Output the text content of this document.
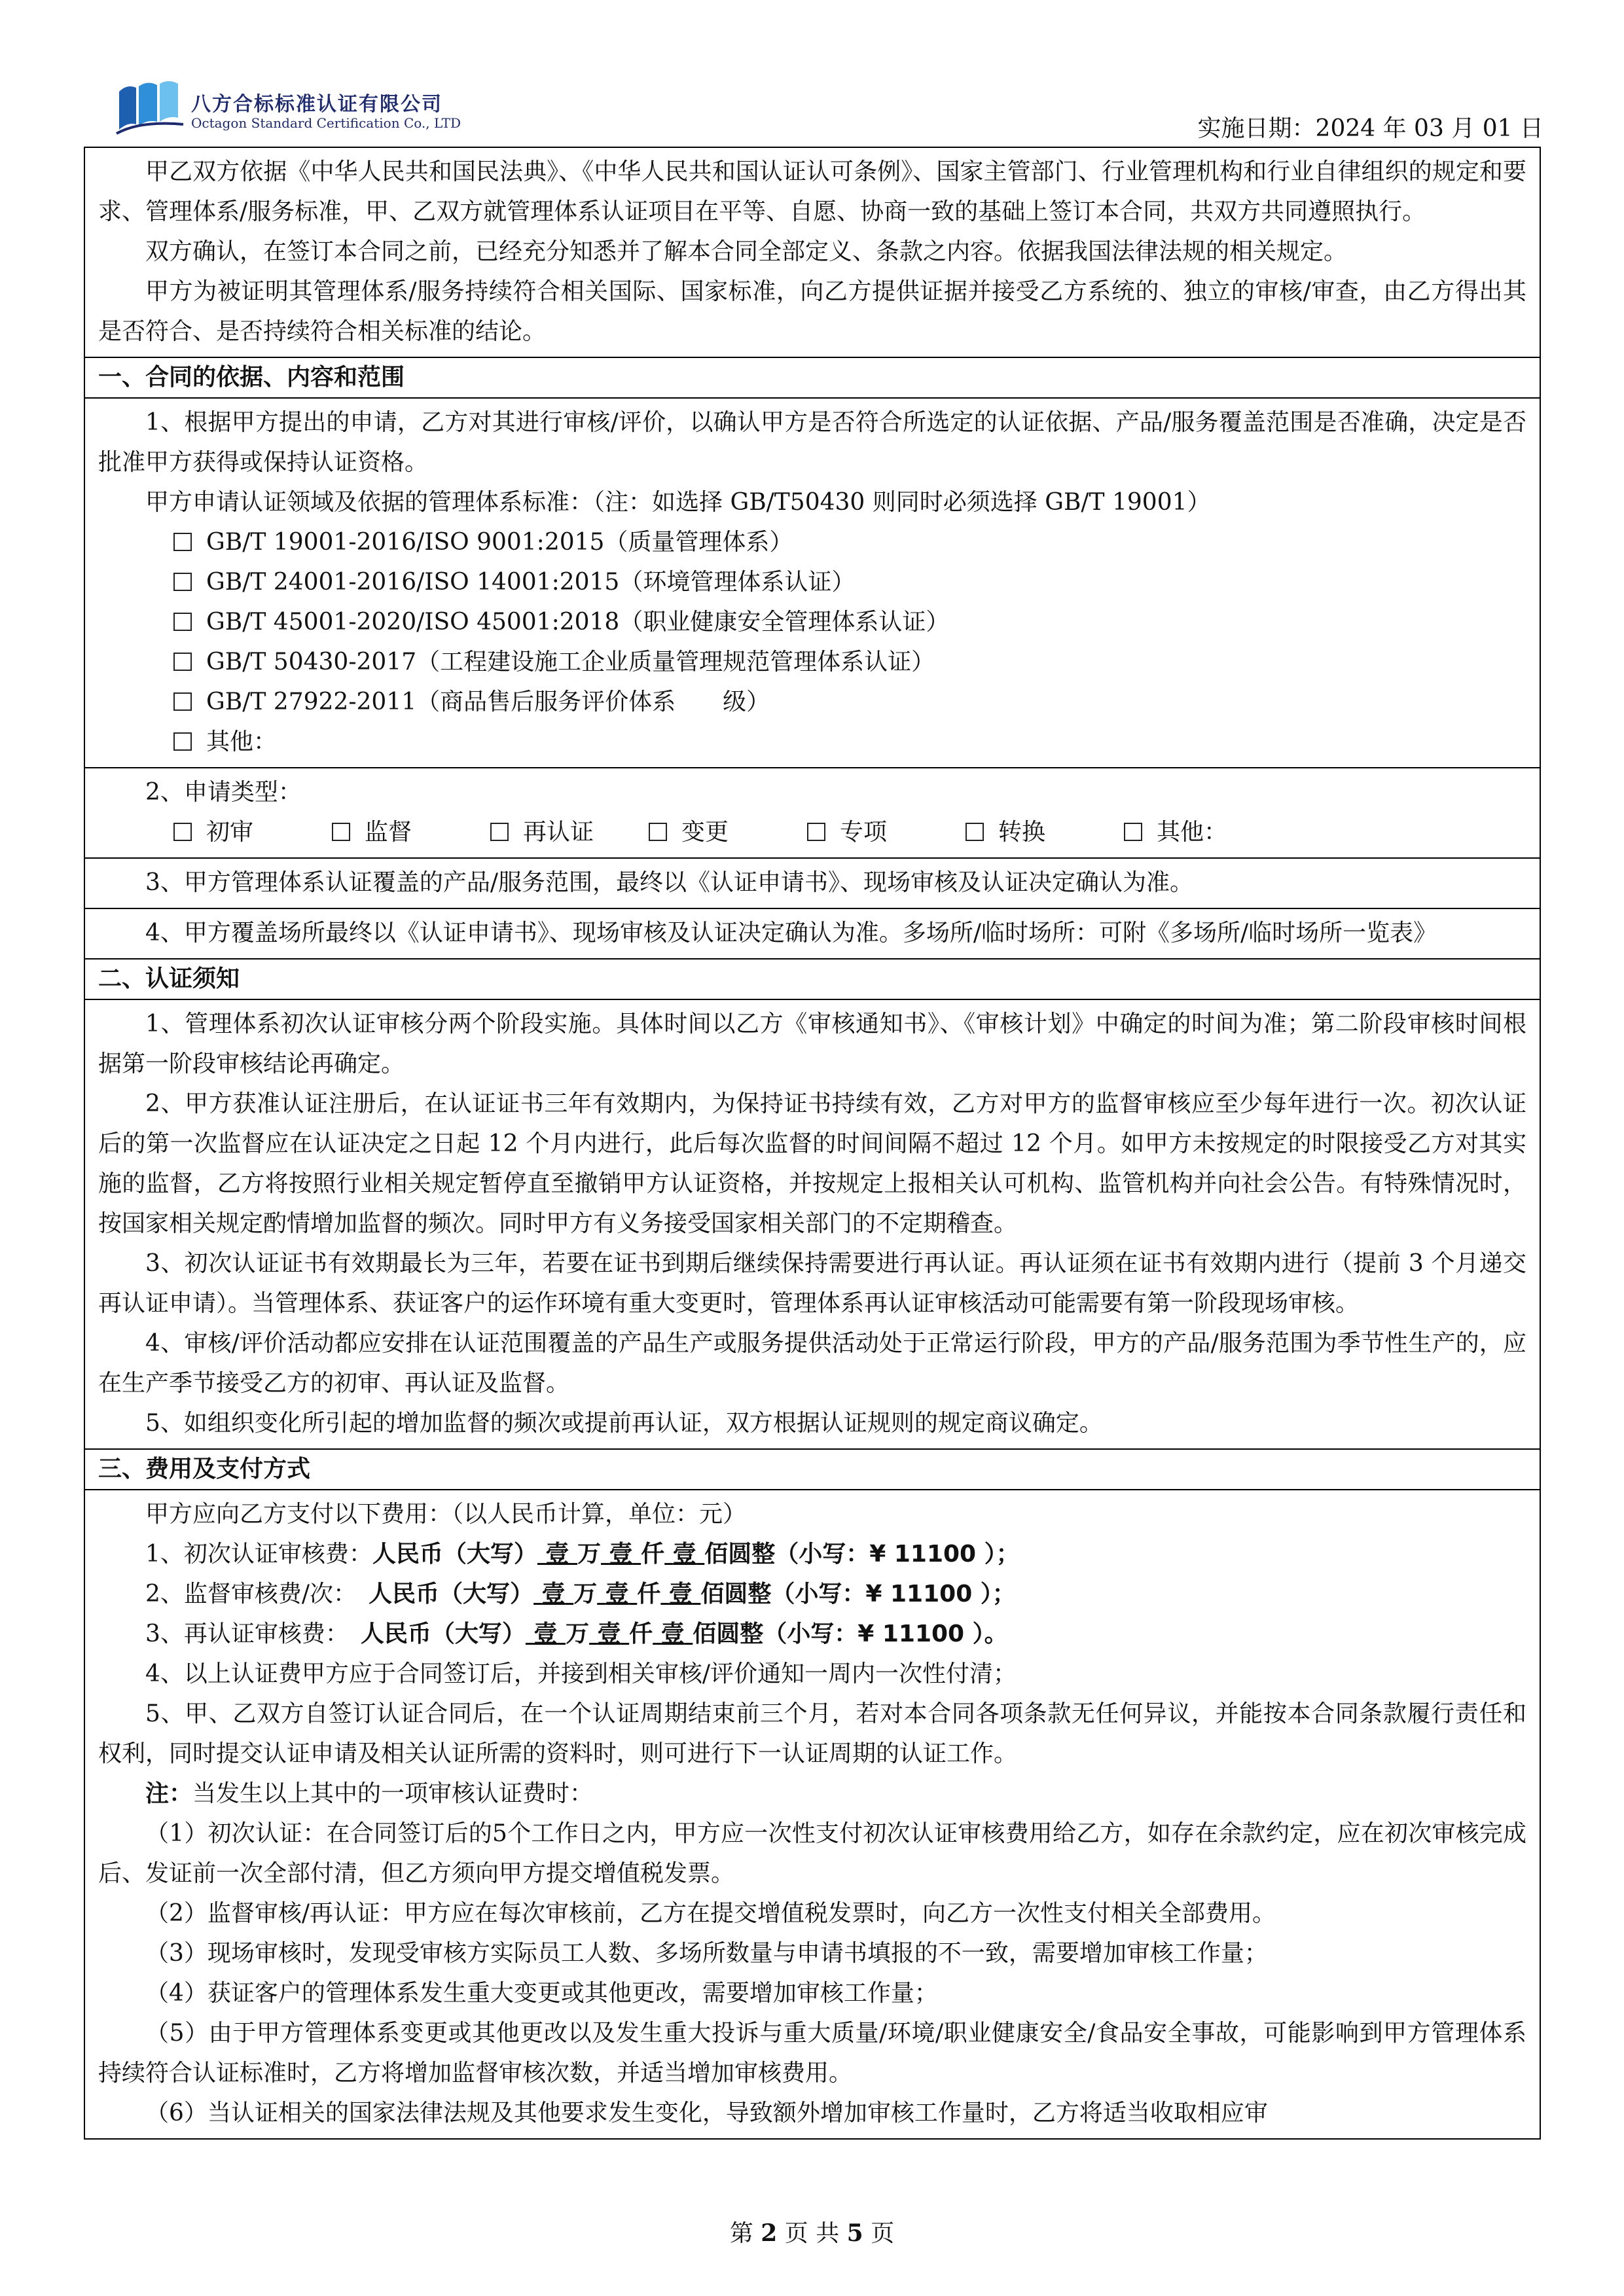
八方合标标准认证有限公司
Octagon Standard Certification Co., LTD	实施日期：2024 年 03 月 01 日

甲乙双方依据《中华人民共和国民法典》、《中华人民共和国认证认可条例》、国家主管部门、行业管理机构和行业自律组织的规定和要求、管理体系/服务标准，甲、乙双方就管理体系认证项目在平等、自愿、协商一致的基础上签订本合同，共双方共同遵照执行。

双方确认，在签订本合同之前，已经充分知悉并了解本合同全部定义、条款之内容。依据我国法律法规的相关规定。

甲方为被证明其管理体系/服务持续符合相关国际、国家标准，向乙方提供证据并接受乙方系统的、独立的审核/审查，由乙方得出其是否符合、是否持续符合相关标准的结论。

一、合同的依据、内容和范围

1、根据甲方提出的申请，乙方对其进行审核/评价，以确认甲方是否符合所选定的认证依据、产品/服务覆盖范围是否准确，决定是否批准甲方获得或保持认证资格。

甲方申请认证领域及依据的管理体系标准：（注：如选择 GB/T50430 则同时必须选择 GB/T 19001）

GB/T 19001-2016/ISO 9001:2015（质量管理体系）

GB/T 24001-2016/ISO 14001:2015（环境管理体系认证）

GB/T 45001-2020/ISO 45001:2018（职业健康安全管理体系认证）

GB/T 50430-2017（工程建设施工企业质量管理规范管理体系认证）

GB/T 27922-2011（商品售后服务评价体系　　级）

其他：

2、申请类型：

初审	监督	再认证	变更	专项	转换	其他：

3、甲方管理体系认证覆盖的产品/服务范围，最终以《认证申请书》、现场审核及认证决定确认为准。

4、甲方覆盖场所最终以《认证申请书》、现场审核及认证决定确认为准。多场所/临时场所：可附《多场所/临时场所一览表》

二、认证须知

1、管理体系初次认证审核分两个阶段实施。具体时间以乙方《审核通知书》、《审核计划》中确定的时间为准；第二阶段审核时间根据第一阶段审核结论再确定。

2、甲方获准认证注册后，在认证证书三年有效期内，为保持证书持续有效，乙方对甲方的监督审核应至少每年进行一次。初次认证后的第一次监督应在认证决定之日起 12 个月内进行，此后每次监督的时间间隔不超过 12 个月。如甲方未按规定的时限接受乙方对其实施的监督，乙方将按照行业相关规定暂停直至撤销甲方认证资格，并按规定上报相关认可机构、监管机构并向社会公告。有特殊情况时，按国家相关规定酌情增加监督的频次。同时甲方有义务接受国家相关部门的不定期稽查。

3、初次认证证书有效期最长为三年，若要在证书到期后继续保持需要进行再认证。再认证须在证书有效期内进行（提前 3 个月递交再认证申请）。当管理体系、获证客户的运作环境有重大变更时，管理体系再认证审核活动可能需要有第一阶段现场审核。

4、审核/评价活动都应安排在认证范围覆盖的产品生产或服务提供活动处于正常运行阶段，甲方的产品/服务范围为季节性生产的，应在生产季节接受乙方的初审、再认证及监督。

5、如组织变化所引起的增加监督的频次或提前再认证，双方根据认证规则的规定商议确定。

三、费用及支付方式

甲方应向乙方支付以下费用：（以人民币计算，单位：元）

1、初次认证审核费：人民币（大写） 壹 万 壹 仟 壹 佰圆整（小写：¥ 11100 ）；

2、监督审核费/次：　人民币（大写） 壹 万 壹 仟 壹 佰圆整（小写：¥ 11100 ）；

3、再认证审核费：　人民币（大写） 壹 万 壹 仟 壹 佰圆整（小写：¥ 11100 ）。

4、以上认证费甲方应于合同签订后，并接到相关审核/评价通知一周内一次性付清；

5、甲、乙双方自签订认证合同后，在一个认证周期结束前三个月，若对本合同各项条款无任何异议，并能按本合同条款履行责任和权利，同时提交认证申请及相关认证所需的资料时，则可进行下一认证周期的认证工作。

注：当发生以上其中的一项审核认证费时：

（1）初次认证：在合同签订后的5个工作日之内，甲方应一次性支付初次认证审核费用给乙方，如存在余款约定，应在初次审核完成后、发证前一次全部付清，但乙方须向甲方提交增值税发票。

（2）监督审核/再认证：甲方应在每次审核前，乙方在提交增值税发票时，向乙方一次性支付相关全部费用。

（3）现场审核时，发现受审核方实际员工人数、多场所数量与申请书填报的不一致，需要增加审核工作量；

（4）获证客户的管理体系发生重大变更或其他更改，需要增加审核工作量；

（5）由于甲方管理体系变更或其他更改以及发生重大投诉与重大质量/环境/职业健康安全/食品安全事故，可能影响到甲方管理体系持续符合认证标准时，乙方将增加监督审核次数，并适当增加审核费用。

（6）当认证相关的国家法律法规及其他要求发生变化，导致额外增加审核工作量时，乙方将适当收取相应审

第 2 页 共 5 页
